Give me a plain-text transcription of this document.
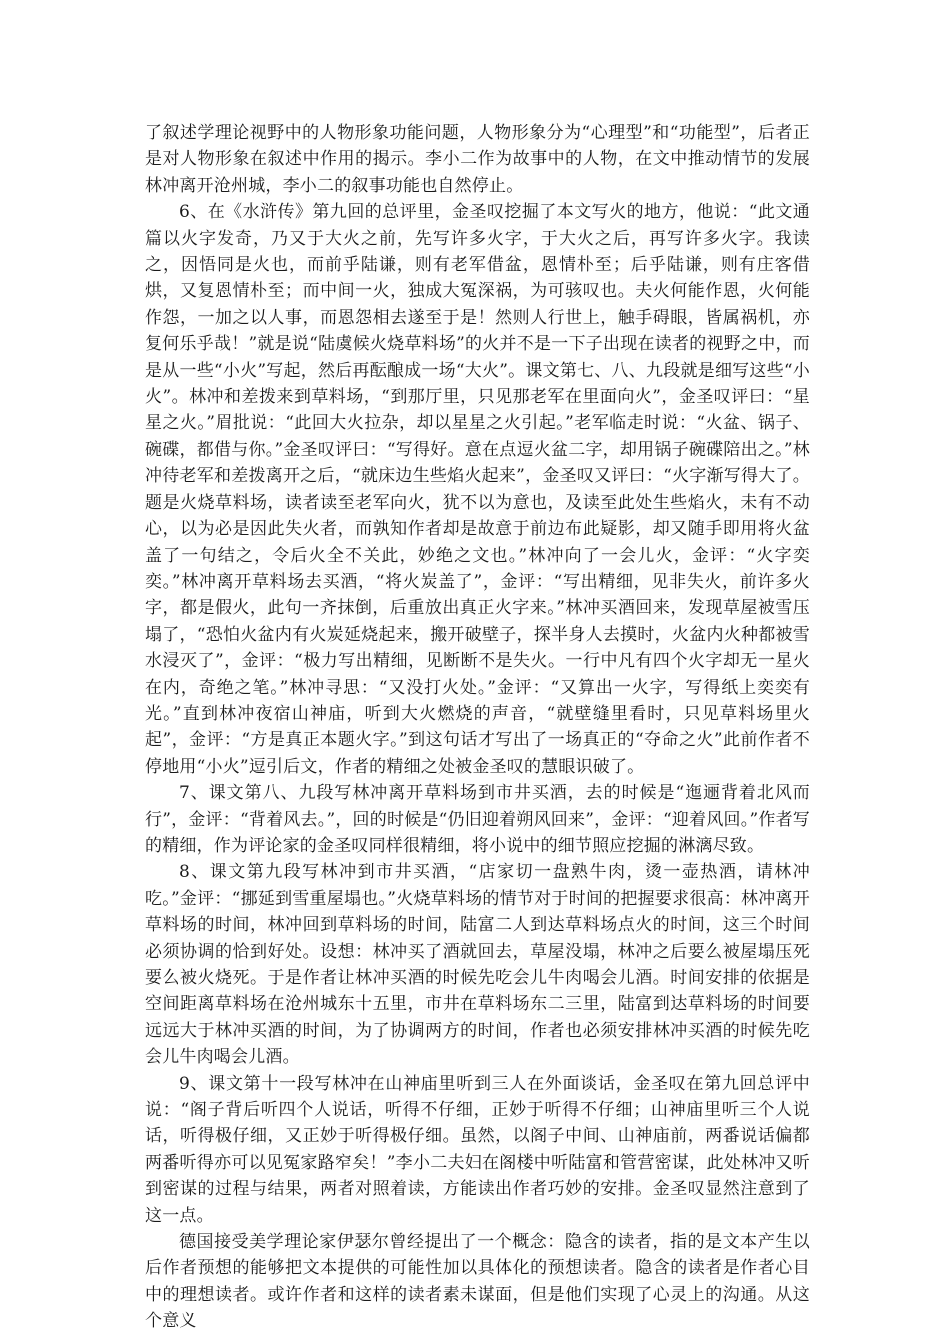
了叙述学理论视野中的人物形象功能问题，人物形象分为“心理型”和“功能型”，后者正是对人物形象在叙述中作用的揭示。李小二作为故事中的人物，在文中推动情节的发展林冲离开沧州城，李小二的叙事功能也自然停止。

6、在《水浒传》第九回的总评里，金圣叹挖掘了本文写火的地方，他说：“此文通篇以火字发奇，乃又于大火之前，先写许多火字，于大火之后，再写许多火字。我读之，因悟同是火也，而前乎陆谦，则有老军借盆，恩情朴至；后乎陆谦，则有庄客借烘，又复恩情朴至；而中间一火，独成大冤深祸，为可骇叹也。夫火何能作恩，火何能作怨，一加之以人事，而恩怨相去遂至于是！然则人行世上，触手碍眼，皆属祸机，亦复何乐乎哉！”就是说“陆虞候火烧草料场”的火并不是一下子出现在读者的视野之中，而是从一些“小火”写起，然后再酝酿成一场“大火”。课文第七、八、九段就是细写这些“小火”。林冲和差拨来到草料场，“到那厅里，只见那老军在里面向火”，金圣叹评曰：“星星之火。”眉批说：“此回大火拉杂，却以星星之火引起。”老军临走时说：“火盆、锅子、碗碟，都借与你。”金圣叹评曰：“写得好。意在点逗火盆二字，却用锅子碗碟陪出之。”林冲待老军和差拨离开之后，“就床边生些焰火起来”，金圣叹又评曰：“火字渐写得大了。题是火烧草料场，读者读至老军向火，犹不以为意也，及读至此处生些焰火，未有不动心，以为必是因此失火者，而孰知作者却是故意于前边布此疑影，却又随手即用将火盆盖了一句结之，令后火全不关此，妙绝之文也。”林冲向了一会儿火，金评：“火字奕奕。”林冲离开草料场去买酒，“将火炭盖了”，金评：“写出精细，见非失火，前许多火字，都是假火，此句一齐抹倒，后重放出真正火字来。”林冲买酒回来，发现草屋被雪压塌了，“恐怕火盆内有火炭延烧起来，搬开破壁子，探半身人去摸时，火盆内火种都被雪水浸灭了”，金评：“极力写出精细，见断断不是失火。一行中凡有四个火字却无一星火在内，奇绝之笔。”林冲寻思：“又没打火处。”金评：“又算出一火字，写得纸上奕奕有光。”直到林冲夜宿山神庙，听到大火燃烧的声音，“就壁缝里看时，只见草料场里火起”，金评：“方是真正本题火字。”到这句话才写出了一场真正的“夺命之火”此前作者不停地用“小火”逗引后文，作者的精细之处被金圣叹的慧眼识破了。

7、课文第八、九段写林冲离开草料场到市井买酒，去的时候是“迤逦背着北风而行”，金评：“背着风去。”，回的时候是“仍旧迎着朔风回来”，金评：“迎着风回。”作者写的精细，作为评论家的金圣叹同样很精细，将小说中的细节照应挖掘的淋漓尽致。

8、课文第九段写林冲到市井买酒，“店家切一盘熟牛肉，烫一壶热酒，请林冲吃。”金评：“挪延到雪重屋塌也。”火烧草料场的情节对于时间的把握要求很高：林冲离开草料场的时间，林冲回到草料场的时间，陆富二人到达草料场点火的时间，这三个时间必须协调的恰到好处。设想：林冲买了酒就回去，草屋没塌，林冲之后要么被屋塌压死要么被火烧死。于是作者让林冲买酒的时候先吃会儿牛肉喝会儿酒。时间安排的依据是空间距离草料场在沧州城东十五里，市井在草料场东二三里，陆富到达草料场的时间要远远大于林冲买酒的时间，为了协调两方的时间，作者也必须安排林冲买酒的时候先吃会儿牛肉喝会儿酒。

9、课文第十一段写林冲在山神庙里听到三人在外面谈话，金圣叹在第九回总评中说：“阁子背后听四个人说话，听得不仔细，正妙于听得不仔细；山神庙里听三个人说话，听得极仔细，又正妙于听得极仔细。虽然，以阁子中间、山神庙前，两番说话偏都两番听得亦可以见冤家路窄矣！”李小二夫妇在阁楼中听陆富和管营密谋，此处林冲又听到密谋的过程与结果，两者对照着读，方能读出作者巧妙的安排。金圣叹显然注意到了这一点。

德国接受美学理论家伊瑟尔曾经提出了一个概念：隐含的读者，指的是文本产生以后作者预想的能够把文本提供的可能性加以具体化的预想读者。隐含的读者是作者心目中的理想读者。或许作者和这样的读者素未谋面，但是他们实现了心灵上的沟通。从这个意义
